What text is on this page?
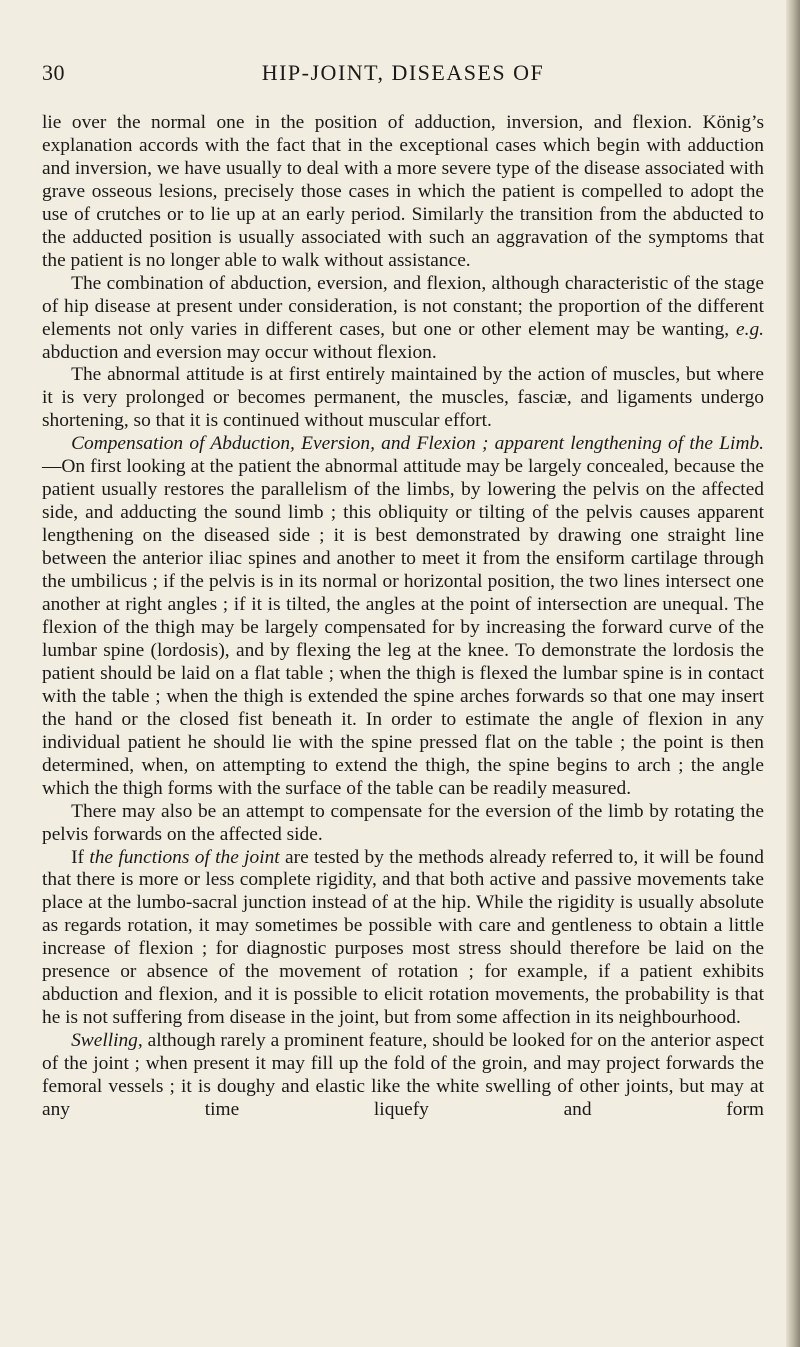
30	HIP-JOINT, DISEASES OF

lie over the normal one in the position of adduction, inversion, and flexion. König’s explanation accords with the fact that in the exceptional cases which begin with adduction and inversion, we have usually to deal with a more severe type of the disease associated with grave osseous lesions, precisely those cases in which the patient is compelled to adopt the use of crutches or to lie up at an early period. Similarly the transition from the abducted to the adducted position is usually associated with such an aggravation of the symptoms that the patient is no longer able to walk without assistance.

The combination of abduction, eversion, and flexion, although characteristic of the stage of hip disease at present under consideration, is not constant; the proportion of the different elements not only varies in different cases, but one or other element may be wanting, e.g. abduction and eversion may occur without flexion.

The abnormal attitude is at first entirely maintained by the action of muscles, but where it is very prolonged or becomes permanent, the muscles, fasciæ, and ligaments undergo shortening, so that it is continued without muscular effort.

Compensation of Abduction, Eversion, and Flexion ; apparent lengthening of the Limb.—On first looking at the patient the abnormal attitude may be largely concealed, because the patient usually restores the parallelism of the limbs, by lowering the pelvis on the affected side, and adducting the sound limb ; this obliquity or tilting of the pelvis causes apparent lengthening on the diseased side ; it is best demonstrated by drawing one straight line between the anterior iliac spines and another to meet it from the ensiform cartilage through the umbilicus ; if the pelvis is in its normal or horizontal position, the two lines intersect one another at right angles ; if it is tilted, the angles at the point of intersection are unequal. The flexion of the thigh may be largely compensated for by increasing the forward curve of the lumbar spine (lordosis), and by flexing the leg at the knee. To demonstrate the lordosis the patient should be laid on a flat table ; when the thigh is flexed the lumbar spine is in contact with the table ; when the thigh is extended the spine arches forwards so that one may insert the hand or the closed fist beneath it. In order to estimate the angle of flexion in any individual patient he should lie with the spine pressed flat on the table ; the point is then determined, when, on attempting to extend the thigh, the spine begins to arch ; the angle which the thigh forms with the surface of the table can be readily measured.

There may also be an attempt to compensate for the eversion of the limb by rotating the pelvis forwards on the affected side.

If the functions of the joint are tested by the methods already referred to, it will be found that there is more or less complete rigidity, and that both active and passive movements take place at the lumbo-sacral junction instead of at the hip. While the rigidity is usually absolute as regards rotation, it may sometimes be possible with care and gentleness to obtain a little increase of flexion ; for diagnostic purposes most stress should therefore be laid on the presence or absence of the movement of rotation ; for example, if a patient exhibits abduction and flexion, and it is possible to elicit rotation movements, the probability is that he is not suffering from disease in the joint, but from some affection in its neighbourhood.

Swelling, although rarely a prominent feature, should be looked for on the anterior aspect of the joint ; when present it may fill up the fold of the groin, and may project forwards the femoral vessels ; it is doughy and elastic like the white swelling of other joints, but may at any time liquefy and form
